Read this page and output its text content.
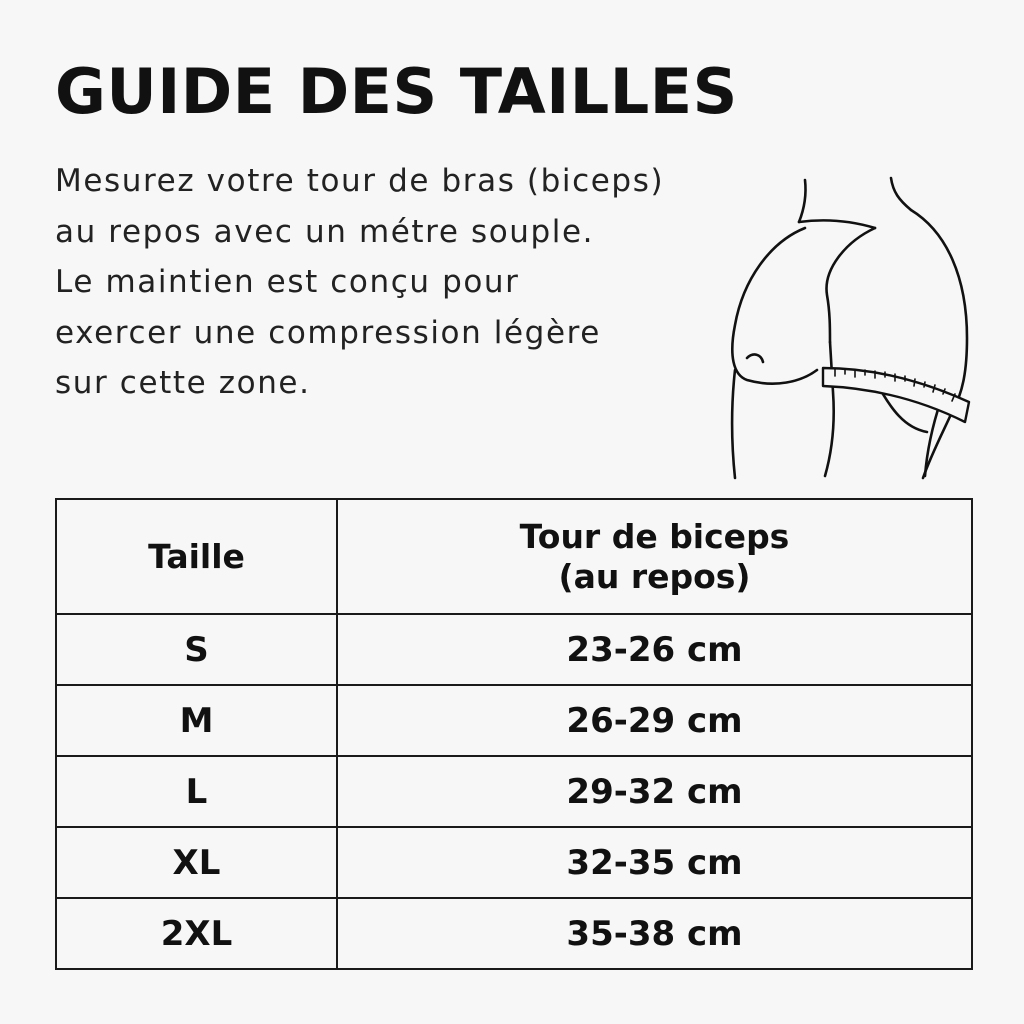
GUIDE DES TAILLES

Mesurez votre tour de bras (biceps)
au repos avec un métre souple.
Le maintien est conçu pour
exercer une compression légère
sur cette zone.

Taille	Tour de biceps
(au repos)

S	23-26 cm
M	26-29 cm
L	29-32 cm
XL	32-35 cm
2XL	35-38 cm
